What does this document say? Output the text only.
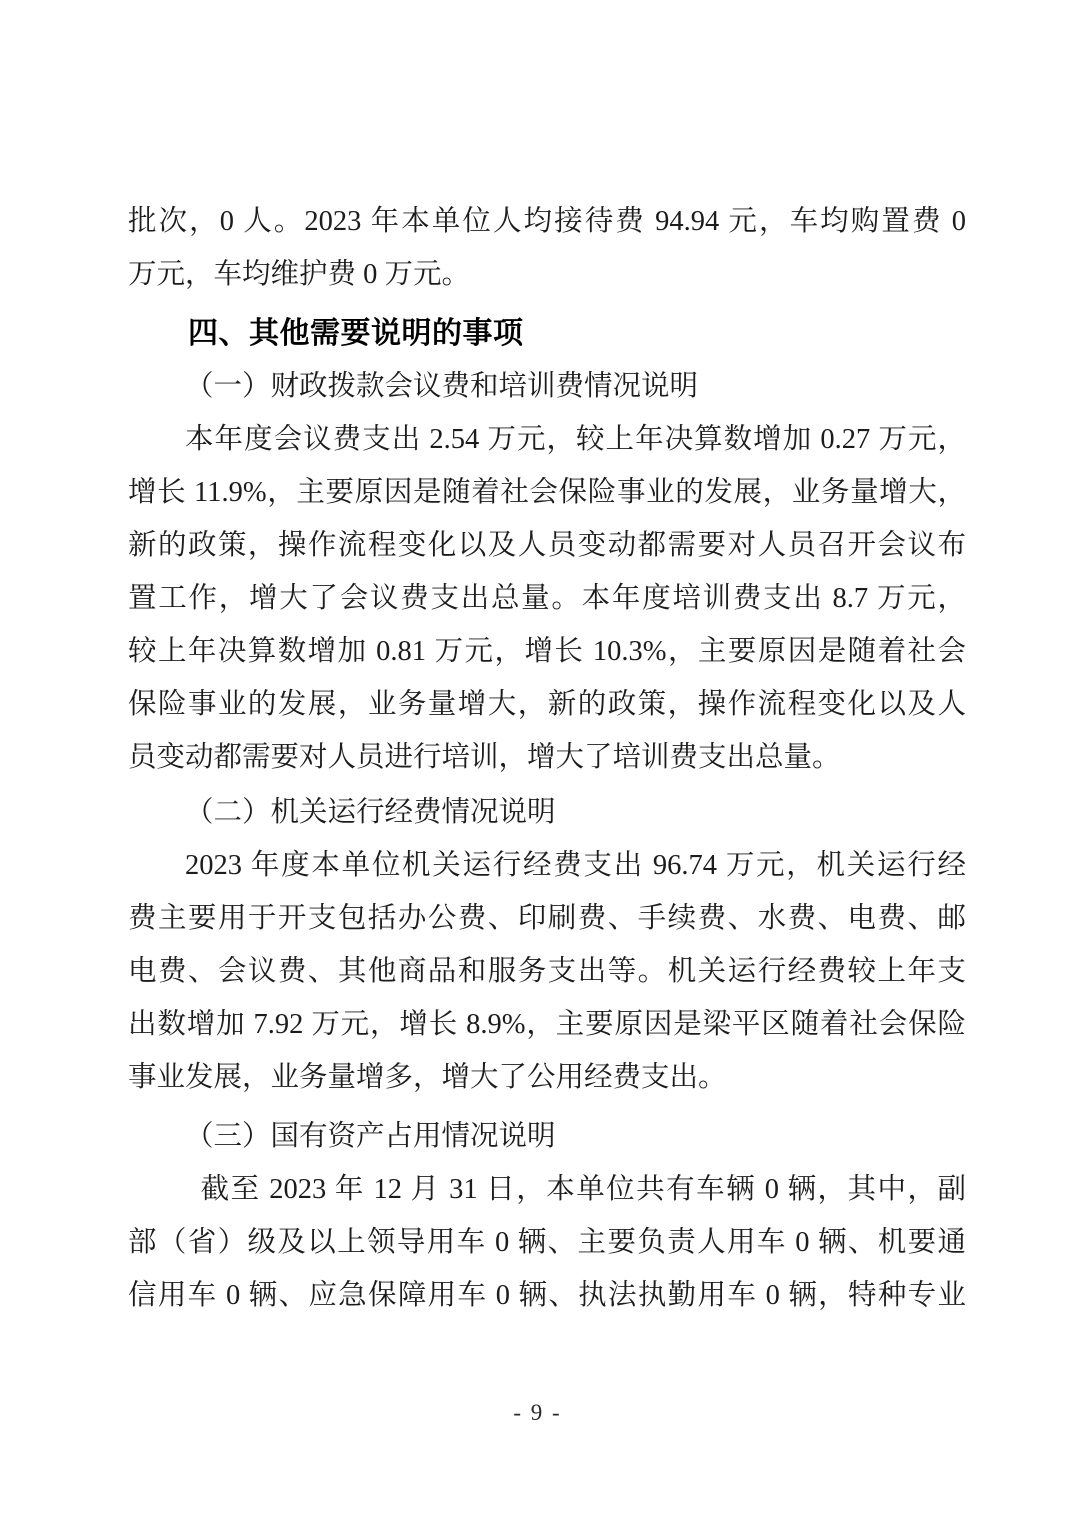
批次，0 人。2023 年本单位人均接待费 94.94 元，车均购置费 0
万元，车均维护费 0 万元。

四、其他需要说明的事项
（一）财政拨款会议费和培训费情况说明

本年度会议费支出 2.54 万元，较上年决算数增加 0.27 万元，
增长 11.9%，主要原因是随着社会保险事业的发展，业务量增大，
新的政策，操作流程变化以及人员变动都需要对人员召开会议布
置工作，增大了会议费支出总量。本年度培训费支出 8.7 万元，
较上年决算数增加 0.81 万元，增长 10.3%，主要原因是随着社会
保险事业的发展，业务量增大，新的政策，操作流程变化以及人
员变动都需要对人员进行培训，增大了培训费支出总量。

（二）机关运行经费情况说明

2023 年度本单位机关运行经费支出 96.74 万元，机关运行经
费主要用于开支包括办公费、印刷费、手续费、水费、电费、邮
电费、会议费、其他商品和服务支出等。机关运行经费较上年支
出数增加 7.92 万元，增长 8.9%，主要原因是梁平区随着社会保险
事业发展，业务量增多，增大了公用经费支出。

（三）国有资产占用情况说明

截至 2023 年 12 月 31 日，本单位共有车辆 0 辆，其中，副
部（省）级及以上领导用车 0 辆、主要负责人用车 0 辆、机要通
信用车 0 辆、应急保障用车 0 辆、执法执勤用车 0 辆，特种专业

- 9 -
